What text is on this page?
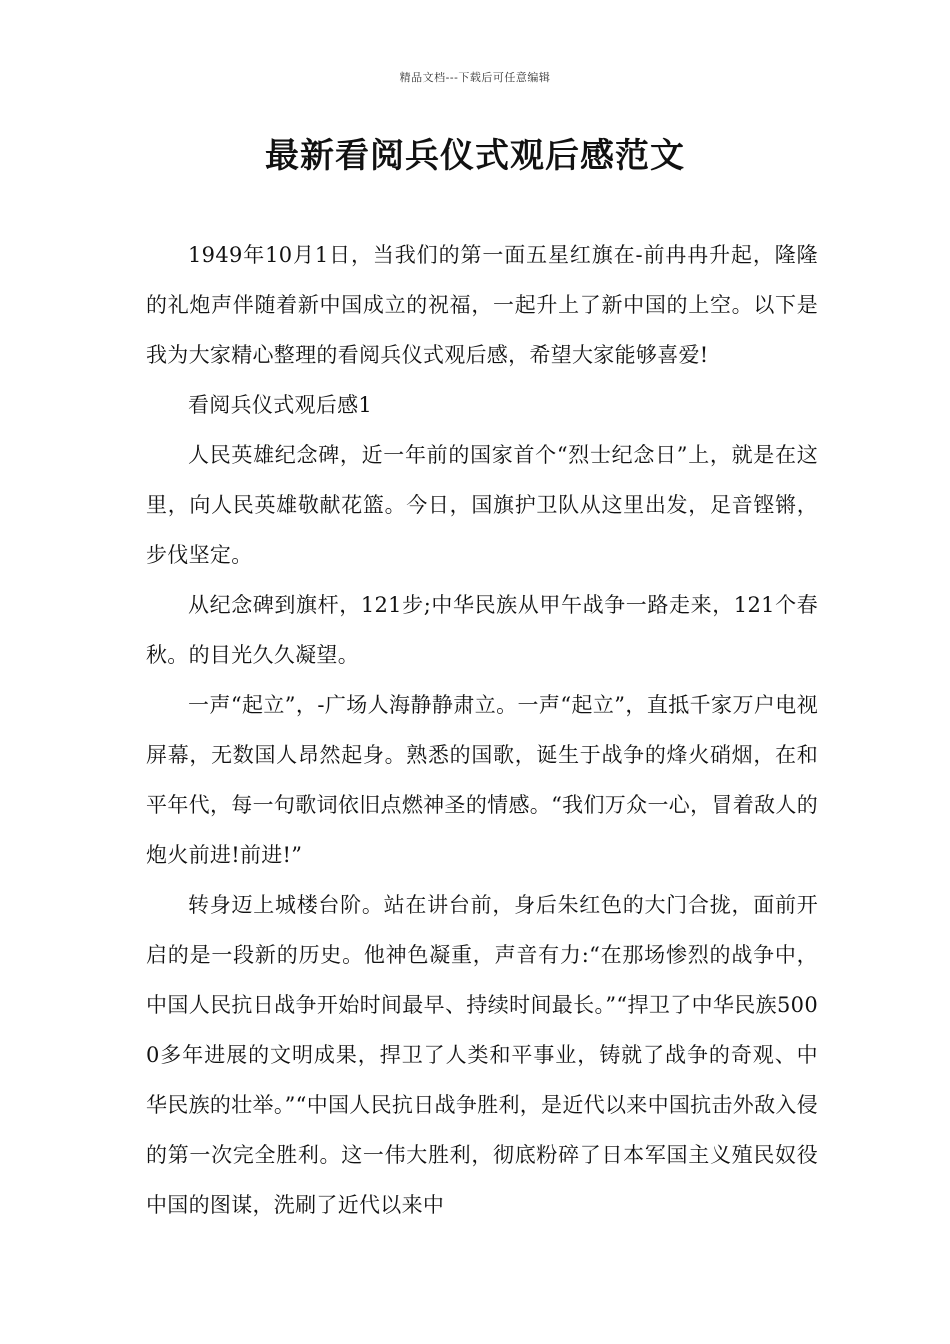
精品文档---下载后可任意编辑
最新看阅兵仪式观后感范文

1949年10月1日，当我们的第一面五星红旗在-前冉冉升起，隆隆的礼炮声伴随着新中国成立的祝福，一起升上了新中国的上空。以下是我为大家精心整理的看阅兵仪式观后感，希望大家能够喜爱!

看阅兵仪式观后感1

人民英雄纪念碑，近一年前的国家首个“烈士纪念日”上，就是在这里，向人民英雄敬献花篮。今日，国旗护卫队从这里出发，足音铿锵，步伐坚定。

从纪念碑到旗杆，121步;中华民族从甲午战争一路走来，121个春秋。的目光久久凝望。

一声“起立”，-广场人海静静肃立。一声“起立”，直抵千家万户电视屏幕，无数国人昂然起身。熟悉的国歌，诞生于战争的烽火硝烟，在和平年代，每一句歌词依旧点燃神圣的情感。“我们万众一心，冒着敌人的炮火前进!前进!”

转身迈上城楼台阶。站在讲台前，身后朱红色的大门合拢，面前开启的是一段新的历史。他神色凝重，声音有力:“在那场惨烈的战争中，中国人民抗日战争开始时间最早、持续时间最长。”“捍卫了中华民族5000多年进展的文明成果，捍卫了人类和平事业，铸就了战争的奇观、中华民族的壮举。”“中国人民抗日战争胜利，是近代以来中国抗击外敌入侵的第一次完全胜利。这一伟大胜利，彻底粉碎了日本军国主义殖民奴役中国的图谋，洗刷了近代以来中
